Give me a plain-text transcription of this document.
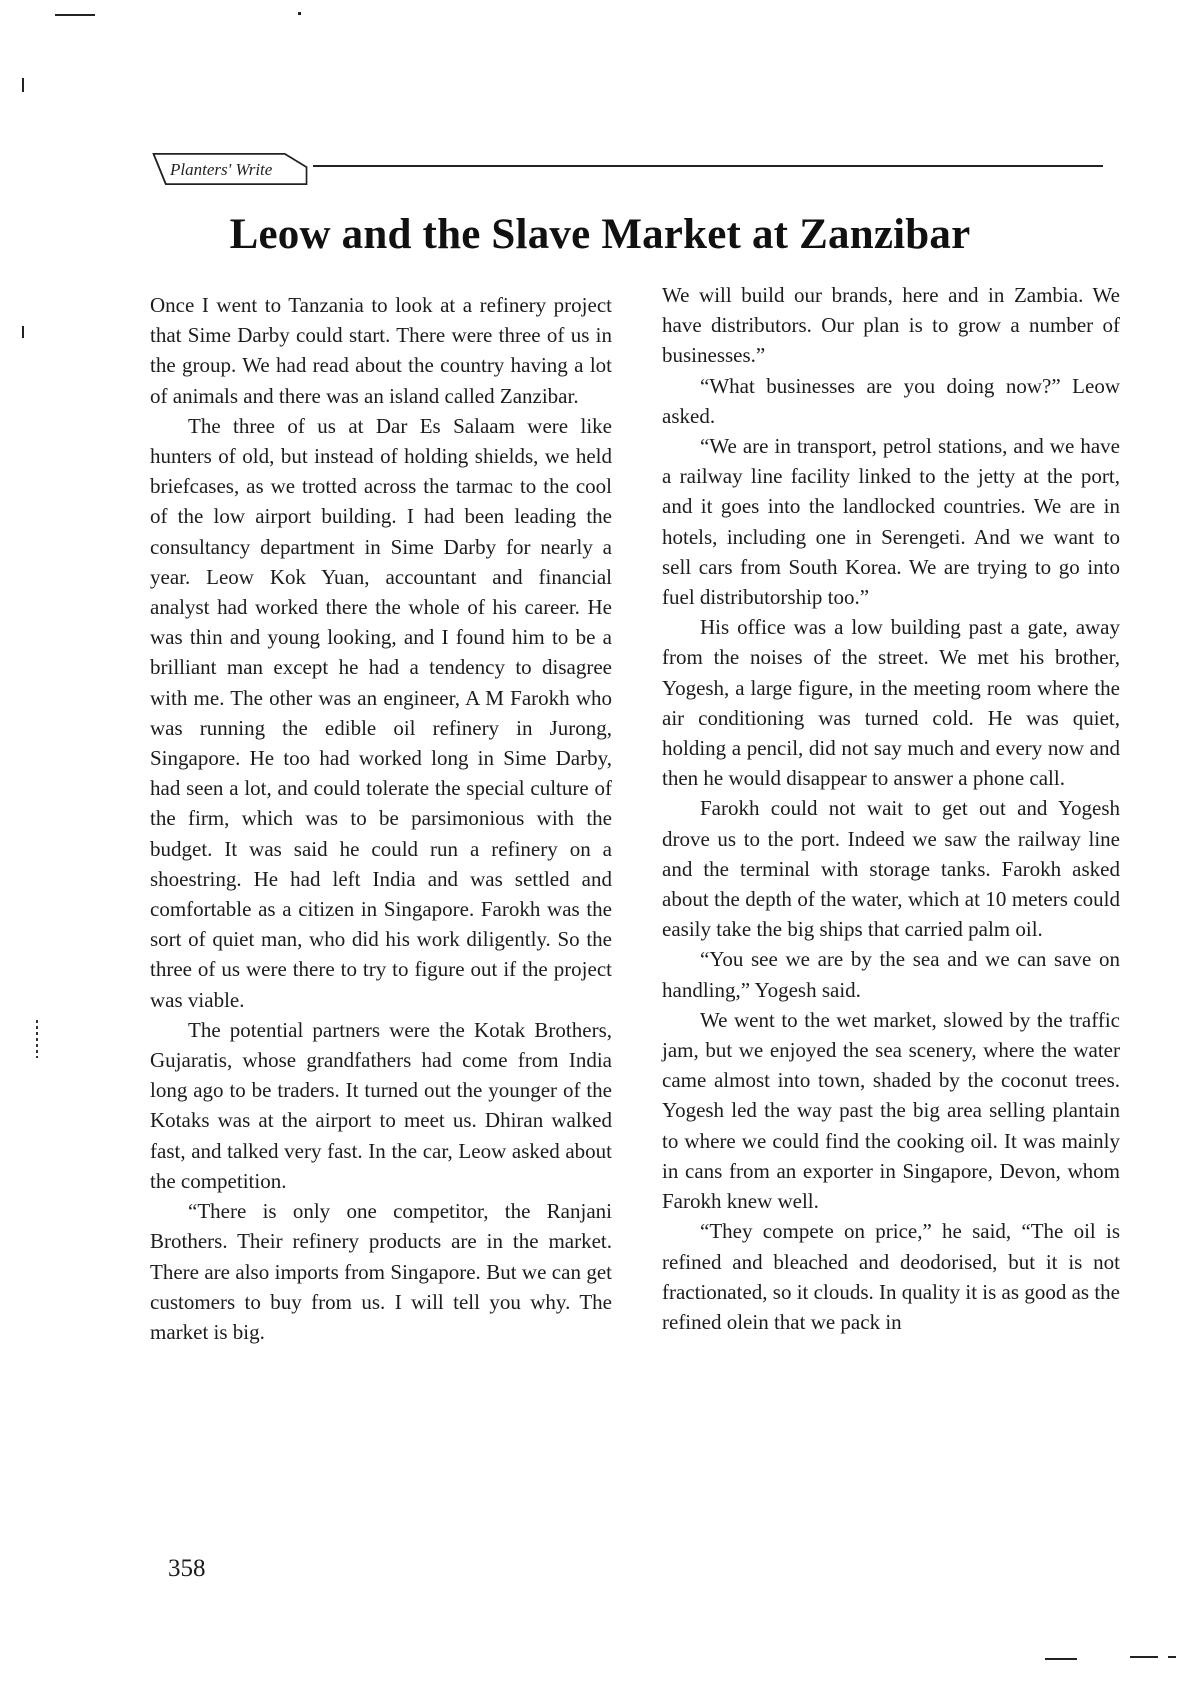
Planters' Write
Leow and the Slave Market at Zanzibar

Once I went to Tanzania to look at a refinery project that Sime Darby could start. There were three of us in the group. We had read about the country having a lot of animals and there was an island called Zanzibar.

The three of us at Dar Es Salaam were like hunters of old, but instead of holding shields, we held briefcases, as we trotted across the tarmac to the cool of the low airport building. I had been leading the consultancy department in Sime Darby for nearly a year. Leow Kok Yuan, accountant and financial analyst had worked there the whole of his career. He was thin and young looking, and I found him to be a brilliant man except he had a tendency to disagree with me. The other was an engineer, A M Farokh who was running the edible oil refinery in Jurong, Singapore. He too had worked long in Sime Darby, had seen a lot, and could tolerate the special culture of the firm, which was to be parsimonious with the budget. It was said he could run a refinery on a shoestring. He had left India and was settled and comfortable as a citizen in Singapore. Farokh was the sort of quiet man, who did his work diligently. So the three of us were there to try to figure out if the project was viable.

The potential partners were the Kotak Brothers, Gujaratis, whose grandfathers had come from India long ago to be traders. It turned out the younger of the Kotaks was at the airport to meet us. Dhiran walked fast, and talked very fast. In the car, Leow asked about the competition.

“There is only one competitor, the Ranjani Brothers. Their refinery products are in the market. There are also imports from Singapore. But we can get customers to buy from us. I will tell you why. The market is big.

We will build our brands, here and in Zambia. We have distributors. Our plan is to grow a number of businesses.”

“What businesses are you doing now?” Leow asked.

“We are in transport, petrol stations, and we have a railway line facility linked to the jetty at the port, and it goes into the landlocked countries. We are in hotels, including one in Serengeti. And we want to sell cars from South Korea. We are trying to go into fuel distributorship too.”

His office was a low building past a gate, away from the noises of the street. We met his brother, Yogesh, a large figure, in the meeting room where the air conditioning was turned cold. He was quiet, holding a pencil, did not say much and every now and then he would disappear to answer a phone call.

Farokh could not wait to get out and Yogesh drove us to the port. Indeed we saw the railway line and the terminal with storage tanks. Farokh asked about the depth of the water, which at 10 meters could easily take the big ships that carried palm oil.

“You see we are by the sea and we can save on handling,” Yogesh said.

We went to the wet market, slowed by the traffic jam, but we enjoyed the sea scenery, where the water came almost into town, shaded by the coconut trees. Yogesh led the way past the big area selling plantain to where we could find the cooking oil. It was mainly in cans from an exporter in Singapore, Devon, whom Farokh knew well.

“They compete on price,” he said, “The oil is refined and bleached and deodorised, but it is not fractionated, so it clouds. In quality it is as good as the refined olein that we pack in

358
